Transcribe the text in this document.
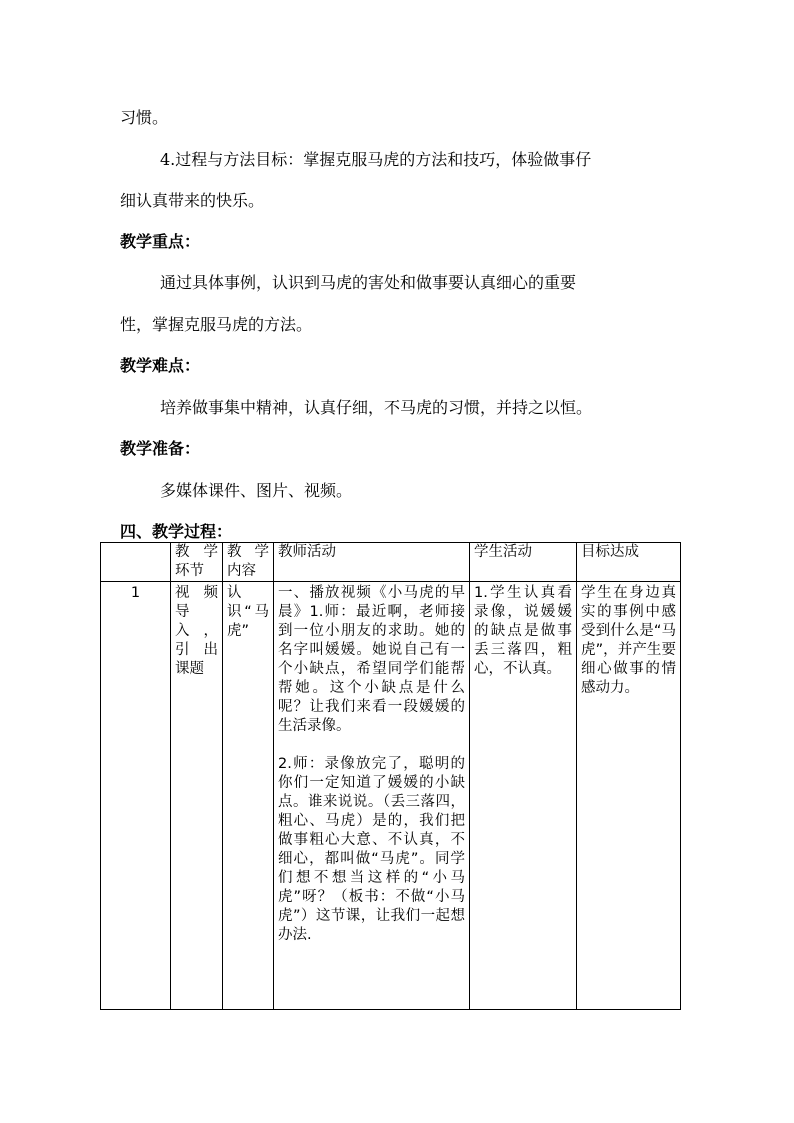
习惯。
4.过程与方法目标：掌握克服马虎的方法和技巧，体验做事仔
细认真带来的快乐。
教学重点：
通过具体事例，认识到马虎的害处和做事要认真细心的重要
性，掌握克服马虎的方法。
教学难点：
培养做事集中精神，认真仔细，不马虎的习惯，并持之以恒。
教学准备：
多媒体课件、图片、视频。
四、教学过程：
	教学环节	教学内容	教师活动	学生活动	目标达成
1	视频导入，引出课题	认识“马虎”	一、播放视频《小马虎的早晨》1.师：最近啊，老师接到一位小朋友的求助。她的名字叫媛媛。她说自己有一个小缺点，希望同学们能帮帮她。这个小缺点是什么呢？让我们来看一段媛媛的生活录像。
2.师：录像放完了，聪明的你们一定知道了媛媛的小缺点。谁来说说。（丢三落四，粗心、马虎）是的，我们把做事粗心大意、不认真，不细心，都叫做“马虎”。同学们想不想当这样的“小马虎”呀？（板书：不做“小马虎”）这节课，让我们一起想办法.	1.学生认真看录像，说媛媛的缺点是做事丢三落四，粗心，不认真。	学生在身边真实的事例中感受到什么是“马虎”，并产生要细心做事的情感动力。
